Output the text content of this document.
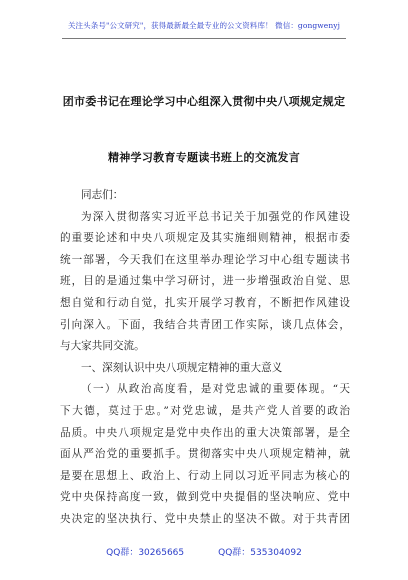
关注头条号"公文研究"，获得最新最全最专业的公文资料库！ 微信：gongwenyj
团市委书记在理论学习中心组深入贯彻中央八项规定规定
精神学习教育专题读书班上的交流发言
同志们：
为深入贯彻落实习近平总书记关于加强党的作风建设
的重要论述和中央八项规定及其实施细则精神，根据市委
统一部署，今天我们在这里举办理论学习中心组专题读书
班，目的是通过集中学习研讨，进一步增强政治自觉、思
想自觉和行动自觉，扎实开展学习教育，不断把作风建设
引向深入。下面，我结合共青团工作实际，谈几点体会，
与大家共同交流。
一、深刻认识中央八项规定精神的重大意义
（一）从政治高度看，是对党忠诚的重要体现。“天
下大德，莫过于忠。”对党忠诚，是共产党人首要的政治
品质。中央八项规定是党中央作出的重大决策部署，是全
面从严治党的重要抓手。贯彻落实中央八项规定精神，就
是要在思想上、政治上、行动上同以习近平同志为核心的
党中央保持高度一致，做到党中央提倡的坚决响应、党中
央决定的坚决执行、党中央禁止的坚决不做。对于共青团
QQ群：30265665	QQ群：535304092
